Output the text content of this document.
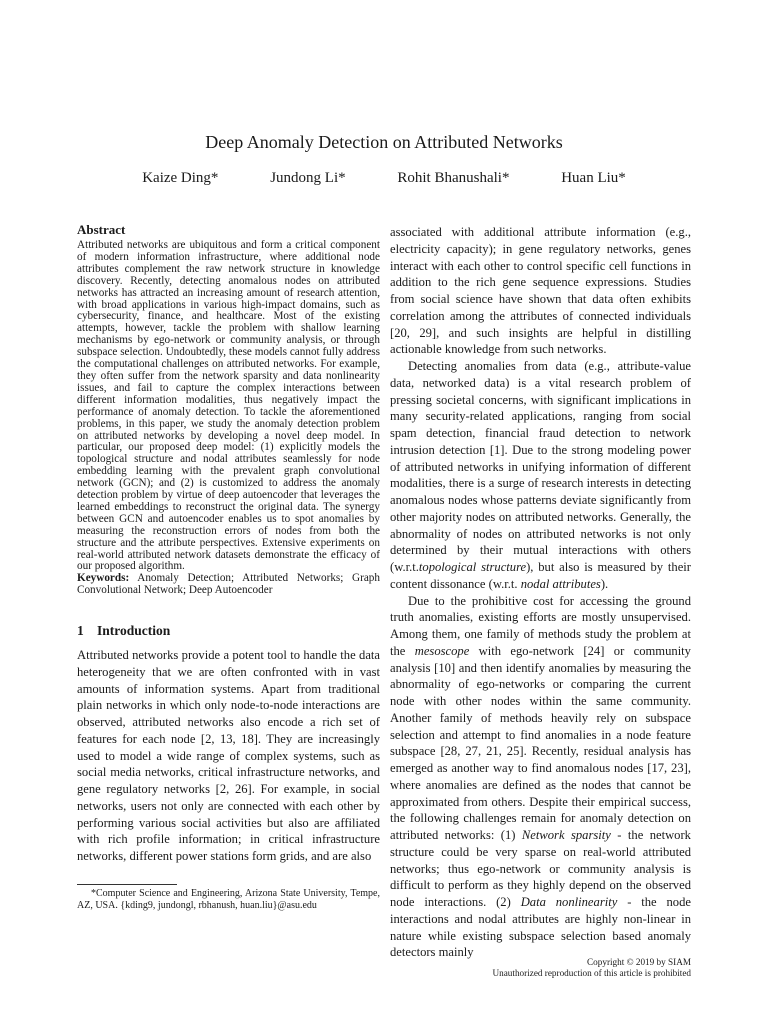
Deep Anomaly Detection on Attributed Networks
Kaize Ding*	Jundong Li*	Rohit Bhanushali*	Huan Liu*
Abstract

Attributed networks are ubiquitous and form a critical component of modern information infrastructure, where additional node attributes complement the raw network structure in knowledge discovery. Recently, detecting anomalous nodes on attributed networks has attracted an increasing amount of research attention, with broad applications in various high-impact domains, such as cybersecurity, finance, and healthcare. Most of the existing attempts, however, tackle the problem with shallow learning mechanisms by ego-network or community analysis, or through subspace selection. Undoubtedly, these models cannot fully address the computational challenges on attributed networks. For example, they often suffer from the network sparsity and data nonlinearity issues, and fail to capture the complex interactions between different information modalities, thus negatively impact the performance of anomaly detection. To tackle the aforementioned problems, in this paper, we study the anomaly detection problem on attributed networks by developing a novel deep model. In particular, our proposed deep model: (1) explicitly models the topological structure and nodal attributes seamlessly for node embedding learning with the prevalent graph convolutional network (GCN); and (2) is customized to address the anomaly detection problem by virtue of deep autoencoder that leverages the learned embeddings to reconstruct the original data. The synergy between GCN and autoencoder enables us to spot anomalies by measuring the reconstruction errors of nodes from both the structure and the attribute perspectives. Extensive experiments on real-world attributed network datasets demonstrate the efficacy of our proposed algorithm.

Keywords: Anomaly Detection; Attributed Networks; Graph Convolutional Network; Deep Autoencoder

1 Introduction

Attributed networks provide a potent tool to handle the data heterogeneity that we are often confronted with in vast amounts of information systems. Apart from traditional plain networks in which only node-to-node interactions are observed, attributed networks also encode a rich set of features for each node [2, 13, 18]. They are increasingly used to model a wide range of complex systems, such as social media networks, critical infrastructure networks, and gene regulatory networks [2, 26]. For example, in social networks, users not only are connected with each other by performing various social activities but also are affiliated with rich profile information; in critical infrastructure networks, different power stations form grids, and are also

associated with additional attribute information (e.g., electricity capacity); in gene regulatory networks, genes interact with each other to control specific cell functions in addition to the rich gene sequence expressions. Studies from social science have shown that data often exhibits correlation among the attributes of connected individuals [20, 29], and such insights are helpful in distilling actionable knowledge from such networks.

Detecting anomalies from data (e.g., attribute-value data, networked data) is a vital research problem of pressing societal concerns, with significant implications in many security-related applications, ranging from social spam detection, financial fraud detection to network intrusion detection [1]. Due to the strong modeling power of attributed networks in unifying information of different modalities, there is a surge of research interests in detecting anomalous nodes whose patterns deviate significantly from other majority nodes on attributed networks. Generally, the abnormality of nodes on attributed networks is not only determined by their mutual interactions with others (w.r.t.topological structure), but also is measured by their content dissonance (w.r.t. nodal attributes).

Due to the prohibitive cost for accessing the ground truth anomalies, existing efforts are mostly unsupervised. Among them, one family of methods study the problem at the mesoscope with ego-network [24] or community analysis [10] and then identify anomalies by measuring the abnormality of ego-networks or comparing the current node with other nodes within the same community. Another family of methods heavily rely on subspace selection and attempt to find anomalies in a node feature subspace [28, 27, 21, 25]. Recently, residual analysis has emerged as another way to find anomalous nodes [17, 23], where anomalies are defined as the nodes that cannot be approximated from others. Despite their empirical success, the following challenges remain for anomaly detection on attributed networks: (1) Network sparsity - the network structure could be very sparse on real-world attributed networks; thus ego-network or community analysis is difficult to perform as they highly depend on the observed node interactions. (2) Data nonlinearity - the node interactions and nodal attributes are highly non-linear in nature while existing subspace selection based anomaly detectors mainly

*Computer Science and Engineering, Arizona State University, Tempe, AZ, USA. {kding9, jundongl, rbhanush, huan.liu}@asu.edu
Copyright © 2019 by SIAM
Unauthorized reproduction of this article is prohibited
